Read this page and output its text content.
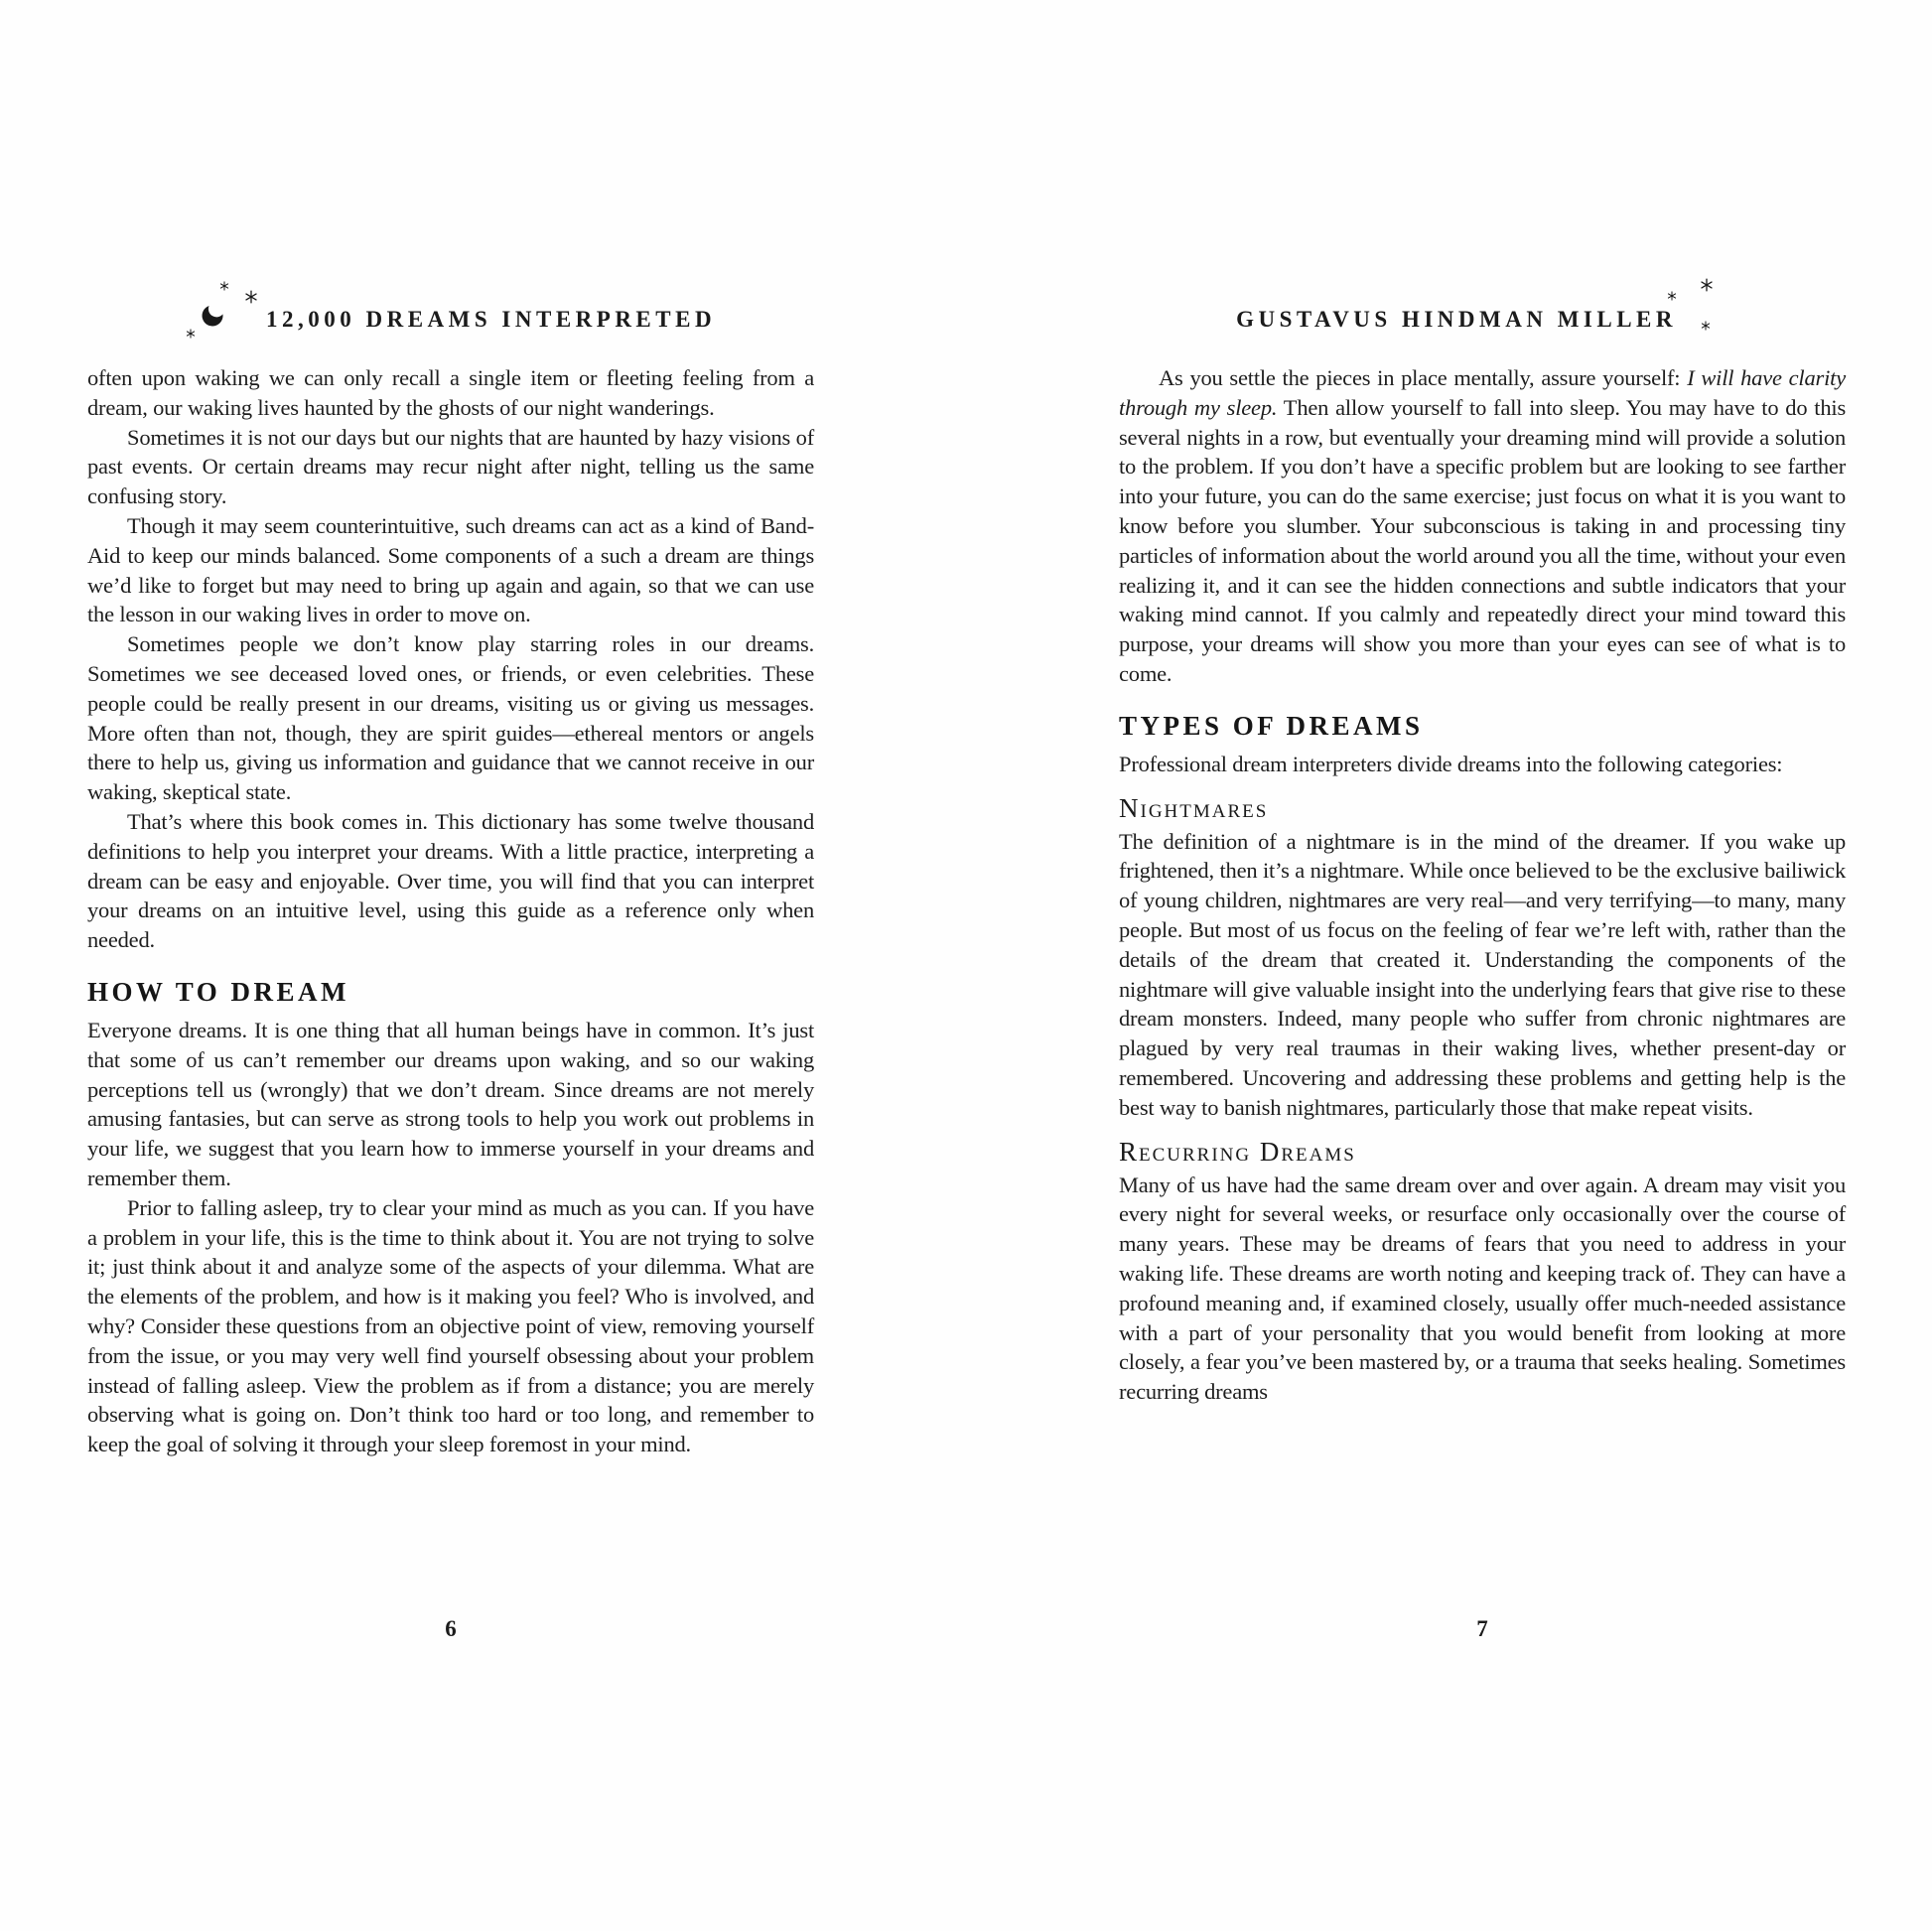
12,000 DREAMS INTERPRETED

often upon waking we can only recall a single item or fleeting feeling from a dream, our waking lives haunted by the ghosts of our night wanderings.

Sometimes it is not our days but our nights that are haunted by hazy visions of past events. Or certain dreams may recur night after night, telling us the same confusing story.

Though it may seem counterintuitive, such dreams can act as a kind of Band-Aid to keep our minds balanced. Some components of a such a dream are things we’d like to forget but may need to bring up again and again, so that we can use the lesson in our waking lives in order to move on.

Sometimes people we don’t know play starring roles in our dreams. Sometimes we see deceased loved ones, or friends, or even celebrities. These people could be really present in our dreams, visiting us or giving us messages. More often than not, though, they are spirit guides—ethereal mentors or angels there to help us, giving us information and guidance that we cannot receive in our waking, skeptical state.

That’s where this book comes in. This dictionary has some twelve thousand definitions to help you interpret your dreams. With a little practice, interpreting a dream can be easy and enjoyable. Over time, you will find that you can interpret your dreams on an intuitive level, using this guide as a reference only when needed.

HOW TO DREAM

Everyone dreams. It is one thing that all human beings have in common. It’s just that some of us can’t remember our dreams upon waking, and so our waking perceptions tell us (wrongly) that we don’t dream. Since dreams are not merely amusing fantasies, but can serve as strong tools to help you work out problems in your life, we suggest that you learn how to immerse yourself in your dreams and remember them.

Prior to falling asleep, try to clear your mind as much as you can. If you have a problem in your life, this is the time to think about it. You are not trying to solve it; just think about it and analyze some of the aspects of your dilemma. What are the elements of the problem, and how is it making you feel? Who is involved, and why? Consider these questions from an objective point of view, removing yourself from the issue, or you may very well find yourself obsessing about your problem instead of falling asleep. View the problem as if from a distance; you are merely observing what is going on. Don’t think too hard or too long, and remember to keep the goal of solving it through your sleep foremost in your mind.

6
GUSTAVUS HINDMAN MILLER

As you settle the pieces in place mentally, assure yourself: I will have clarity through my sleep. Then allow yourself to fall into sleep. You may have to do this several nights in a row, but eventually your dreaming mind will provide a solution to the problem. If you don’t have a specific problem but are looking to see farther into your future, you can do the same exercise; just focus on what it is you want to know before you slumber. Your subconscious is taking in and processing tiny particles of information about the world around you all the time, without your even realizing it, and it can see the hidden connections and subtle indicators that your waking mind cannot. If you calmly and repeatedly direct your mind toward this purpose, your dreams will show you more than your eyes can see of what is to come.

TYPES OF DREAMS

Professional dream interpreters divide dreams into the following categories:

Nightmares

The definition of a nightmare is in the mind of the dreamer. If you wake up frightened, then it’s a nightmare. While once believed to be the exclusive bailiwick of young children, nightmares are very real—and very terrifying—to many, many people. But most of us focus on the feeling of fear we’re left with, rather than the details of the dream that created it. Understanding the components of the nightmare will give valuable insight into the underlying fears that give rise to these dream monsters. Indeed, many people who suffer from chronic nightmares are plagued by very real traumas in their waking lives, whether present-day or remembered. Uncovering and addressing these problems and getting help is the best way to banish nightmares, particularly those that make repeat visits.

Recurring Dreams

Many of us have had the same dream over and over again. A dream may visit you every night for several weeks, or resurface only occasionally over the course of many years. These may be dreams of fears that you need to address in your waking life. These dreams are worth noting and keeping track of. They can have a profound meaning and, if examined closely, usually offer much-needed assistance with a part of your personality that you would benefit from looking at more closely, a fear you’ve been mastered by, or a trauma that seeks healing. Sometimes recurring dreams

7
